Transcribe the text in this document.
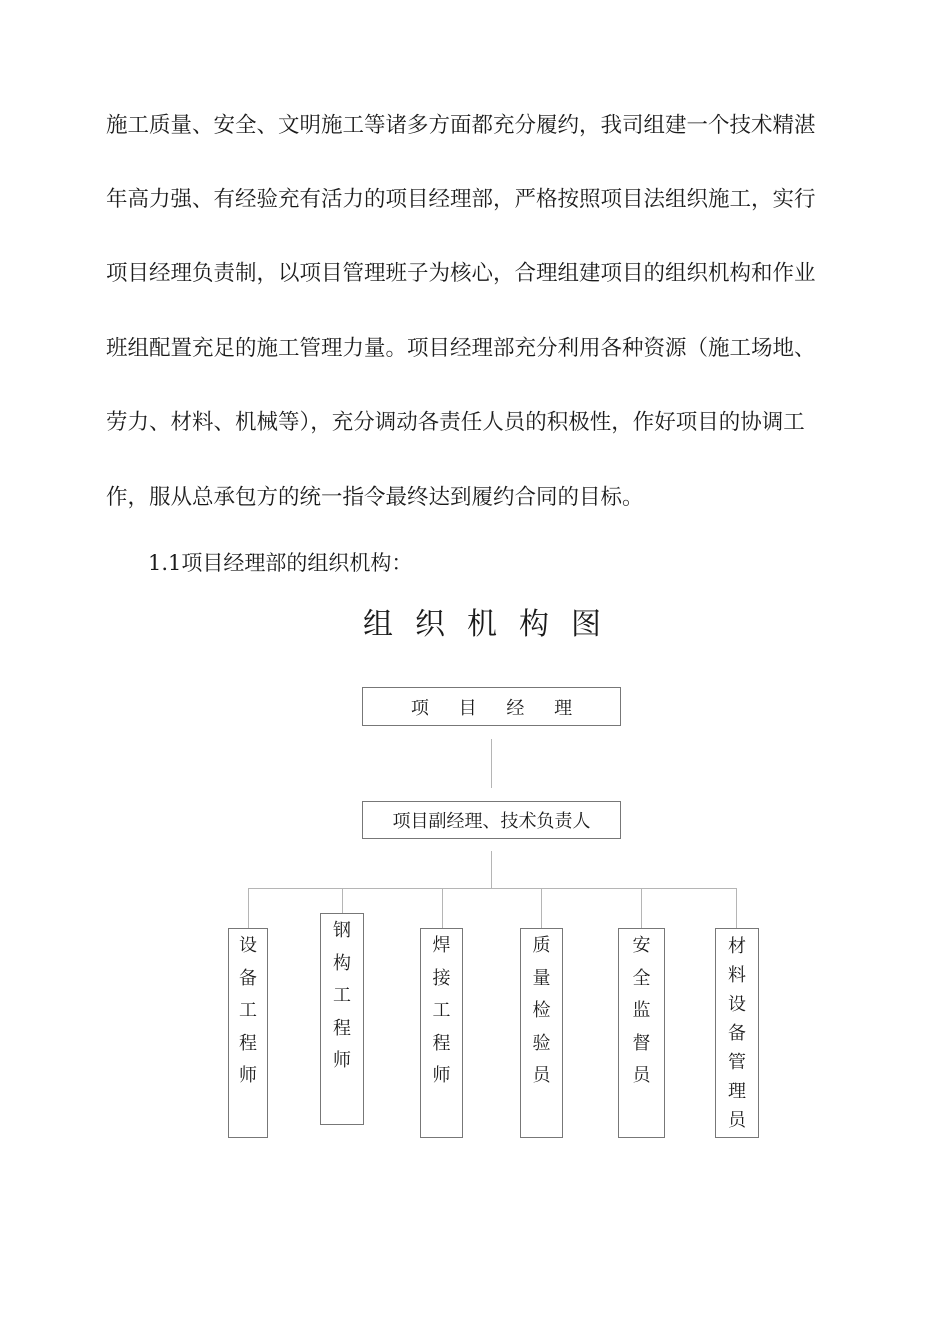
施工质量、安全、文明施工等诸多方面都充分履约，我司组建一个技术精湛
年高力强、有经验充有活力的项目经理部，严格按照项目法组织施工，实行
项目经理负责制，以项目管理班子为核心，合理组建项目的组织机构和作业
班组配置充足的施工管理力量。项目经理部充分利用各种资源（施工场地、
劳力、材料、机械等），充分调动各责任人员的积极性，作好项目的协调工
作，服从总承包方的统一指令最终达到履约合同的目标。
1.1项目经理部的组织机构：
组织机构图
项 目 经 理
项目副经理、技术负责人
设
备
工
程
师
钢
构
工
程
师
焊
接
工
程
师
质
量
检
验
员
安
全
监
督
员
材
料
设
备
管
理
员
